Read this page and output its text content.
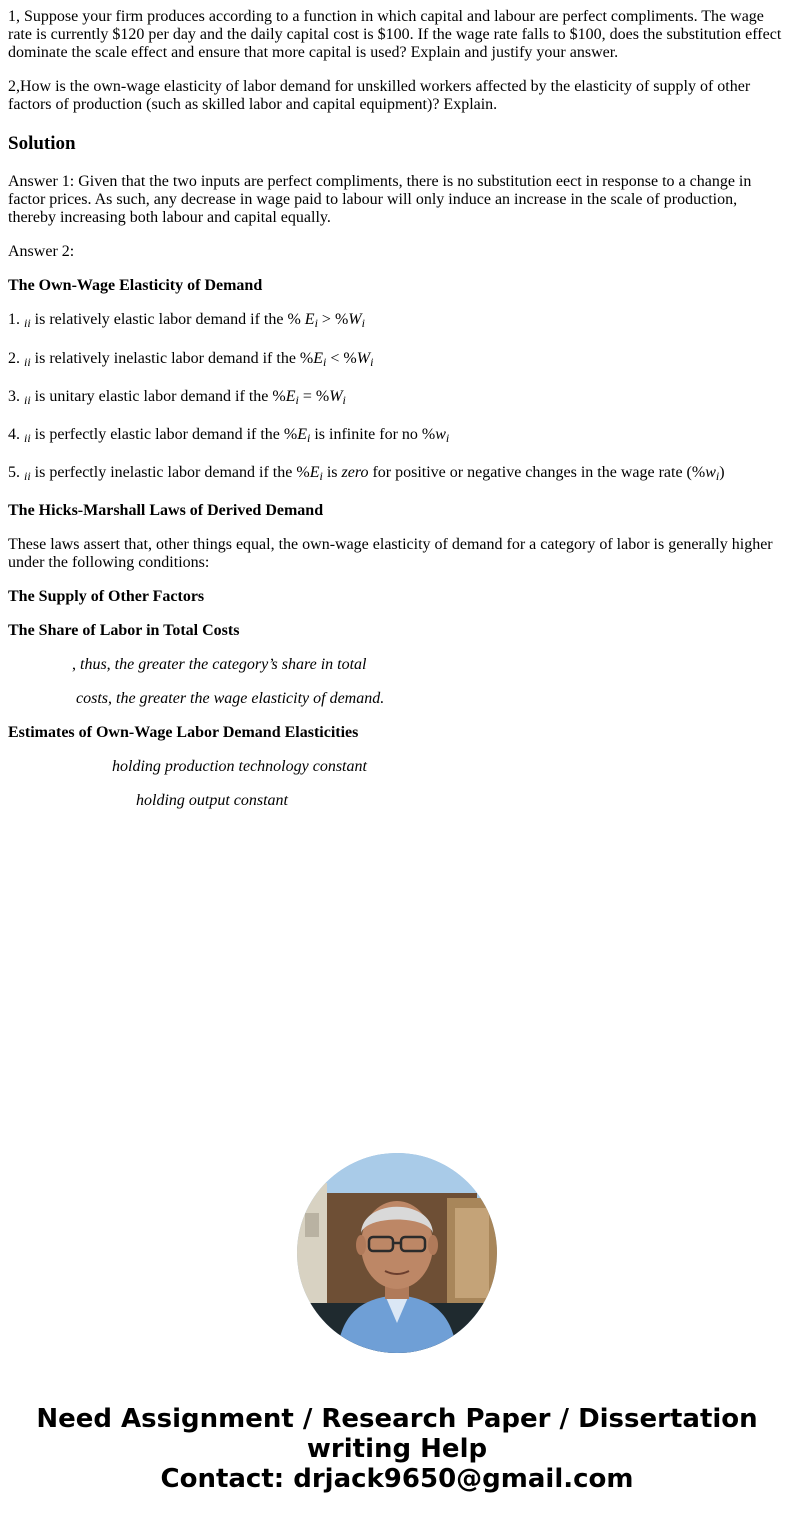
1, Suppose your firm produces according to a function in which capital and labour are perfect compliments. The wage rate is currently $120 per day and the daily capital cost is $100. If the wage rate falls to $100, does the substitution effect dominate the scale effect and ensure that more capital is used? Explain and justify your answer.

2,How is the own-wage elasticity of labor demand for unskilled workers affected by the elasticity of supply of other factors of production (such as skilled labor and capital equipment)? Explain.

Solution

Answer 1: Given that the two inputs are perfect compliments, there is no substitution eect in response to a change in factor prices. As such, any decrease in wage paid to labour will only induce an increase in the scale of production, thereby increasing both labour and capital equally.

Answer 2:

The Own-Wage Elasticity of Demand

1. $_{ii}$ is relatively elastic labor demand if the % $E_i > \%W_i$

2. $_{ii}$ is relatively inelastic labor demand if the $\%E_i < \%W_i$

3. $_{ii}$ is unitary elastic labor demand if the $\%E_i = \%W_i$

4. $_{ii}$ is perfectly elastic labor demand if the $\%E_i$ is infinite for no $\%w_i$

5. $_{ii}$ is perfectly inelastic labor demand if the $\%E_i$ is zero for positive or negative changes in the wage rate $(\%w_i)$

The Hicks-Marshall Laws of Derived Demand

These laws assert that, other things equal, the own-wage elasticity of demand for a category of labor is generally higher under the following conditions:

The Supply of Other Factors

The Share of Labor in Total Costs

, thus, the greater the category’s share in total

costs, the greater the wage elasticity of demand.

Estimates of Own-Wage Labor Demand Elasticities

holding production technology constant

holding output constant

Need Assignment / Research Paper / Dissertation
writing Help
Contact: drjack9650@gmail.com
